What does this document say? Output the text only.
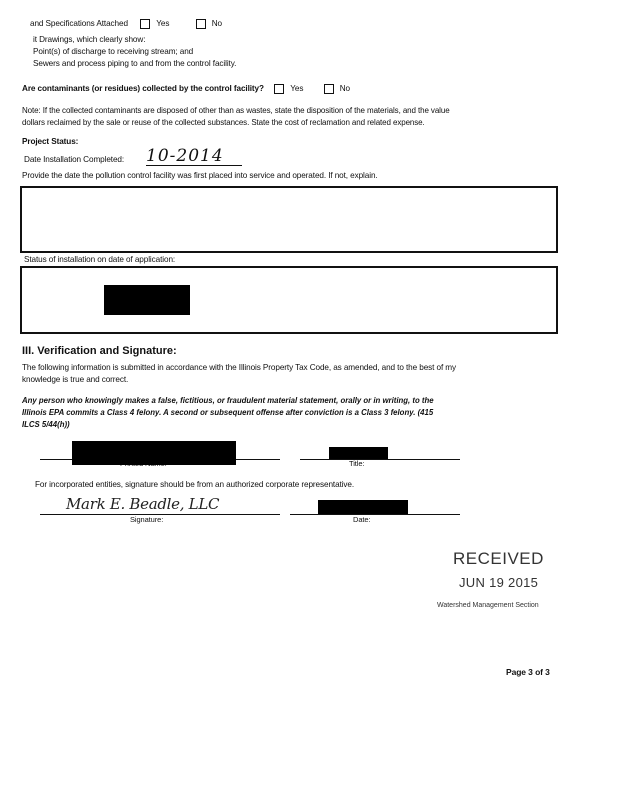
and Specifications Attached	Yes	No
it Drawings, which clearly show:
Point(s) of discharge to receiving stream; and
Sewers and process piping to and from the control facility.
Are contaminants (or residues) collected by the control facility?	Yes	No
Note: If the collected contaminants are disposed of other than as wastes, state the disposition of the materials, and the value
dollars reclaimed by the sale or reuse of the collected substances. State the cost of reclamation and related expense.
Project Status:
Date Installation Completed: 10-2014
Provide the date the pollution control facility was first placed into service and operated. If not, explain.
Status of installation on date of application:
III. Verification and Signature:
The following information is submitted in accordance with the Illinois Property Tax Code, as amended, and to the best of my
knowledge is true and correct.
Any person who knowingly makes a false, fictitious, or fraudulent material statement, orally or in writing, to the
Illinois EPA commits a Class 4 felony. A second or subsequent offense after conviction is a Class 3 felony. (415
ILCS 5/44(h))
Title:
For incorporated entities, signature should be from an authorized corporate representative.
Mark E. Beadle, LLC
Signature:	Date:
RECEIVED
JUN 19 2015
Watershed Management Section
Page 3 of 3
